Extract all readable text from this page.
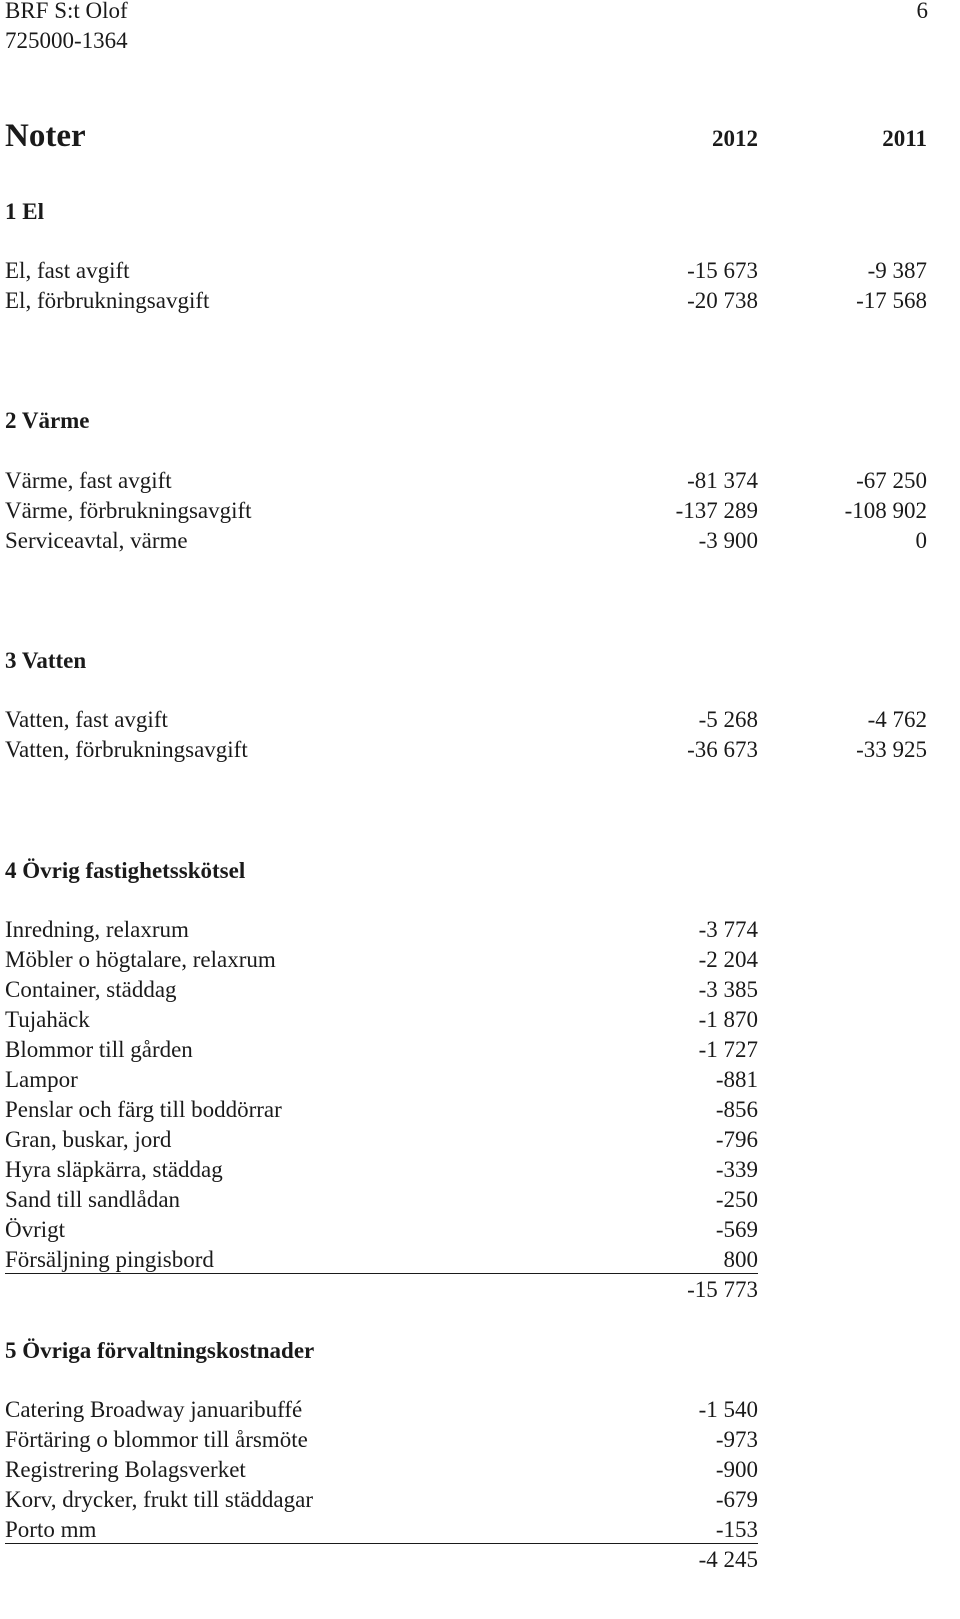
BRF S:t Olof
725000-1364
6
Noter	2012	2011
1 El
El, fast avgift	-15 673	-9 387
El, förbrukningsavgift	-20 738	-17 568
2 Värme
Värme, fast avgift	-81 374	-67 250
Värme, förbrukningsavgift	-137 289	-108 902
Serviceavtal, värme	-3 900	0
3 Vatten
Vatten, fast avgift	-5 268	-4 762
Vatten, förbrukningsavgift	-36 673	-33 925
4 Övrig fastighetsskötsel
Inredning, relaxrum	-3 774
Möbler o högtalare, relaxrum	-2 204
Container, städdag	-3 385
Tujahäck	-1 870
Blommor till gården	-1 727
Lampor	-881
Penslar och färg till boddörrar	-856
Gran, buskar, jord	-796
Hyra släpkärra, städdag	-339
Sand till sandlådan	-250
Övrigt	-569
Försäljning pingisbord	800
-15 773
5 Övriga förvaltningskostnader
Catering Broadway januaribuffé	-1 540
Förtäring o blommor till årsmöte	-973
Registrering Bolagsverket	-900
Korv, drycker, frukt till städdagar	-679
Porto mm	-153
-4 245
